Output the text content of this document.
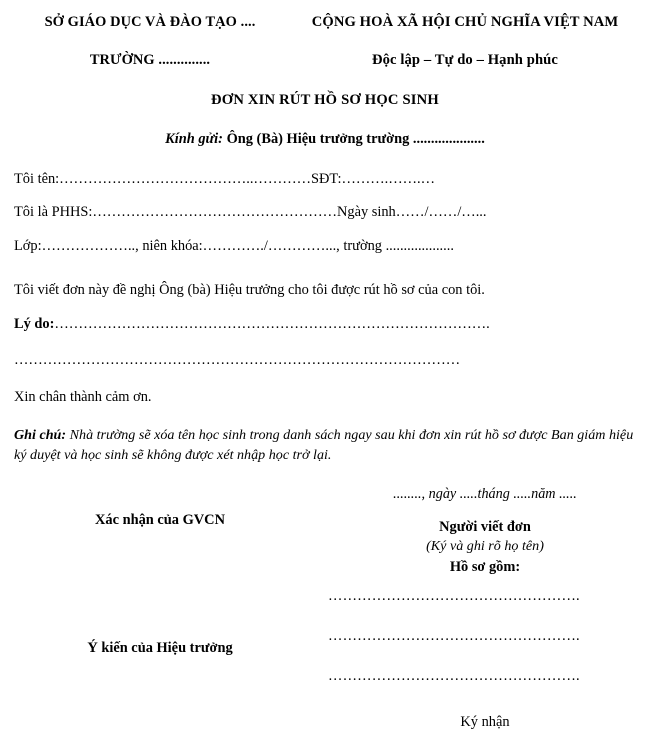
SỞ GIÁO DỤC VÀ ĐÀO TẠO ....
TRƯỜNG ..............
CỘNG HOÀ XÃ HỘI CHỦ NGHĨA VIỆT NAM
Độc lập – Tự do – Hạnh phúc
ĐƠN XIN RÚT HỒ SƠ HỌC SINH
Kính gửi: Ông (Bà) Hiệu trưởng trường ....................
Tôi tên:…………………………………..…………SĐT:……….…….…
Tôi là PHHS:……………………………………………Ngày sinh……/……/…...
Lớp:……………….., niên khóa:…………./…………..., trường ...................
Tôi viết đơn này đề nghị Ông (bà) Hiệu trưởng cho tôi được rút hồ sơ của con tôi.
Lý do:……………………………………………………………………………….
…………………………………………………………………………………
Xin chân thành cảm ơn.
Ghi chú: Nhà trường sẽ xóa tên học sinh trong danh sách ngay sau khi đơn xin rút hồ sơ được Ban giám hiệu ký duyệt và học sinh sẽ không được xét nhập học trở lại.
........, ngày .....tháng .....năm .....
Xác nhận của GVCN	Người viết đơn
(Ký và ghi rõ họ tên)
Hồ sơ gồm:
…………………………………………….
…………………………………………….
…………………………………………….
Ý kiến của Hiệu trưởng
Ký nhận
